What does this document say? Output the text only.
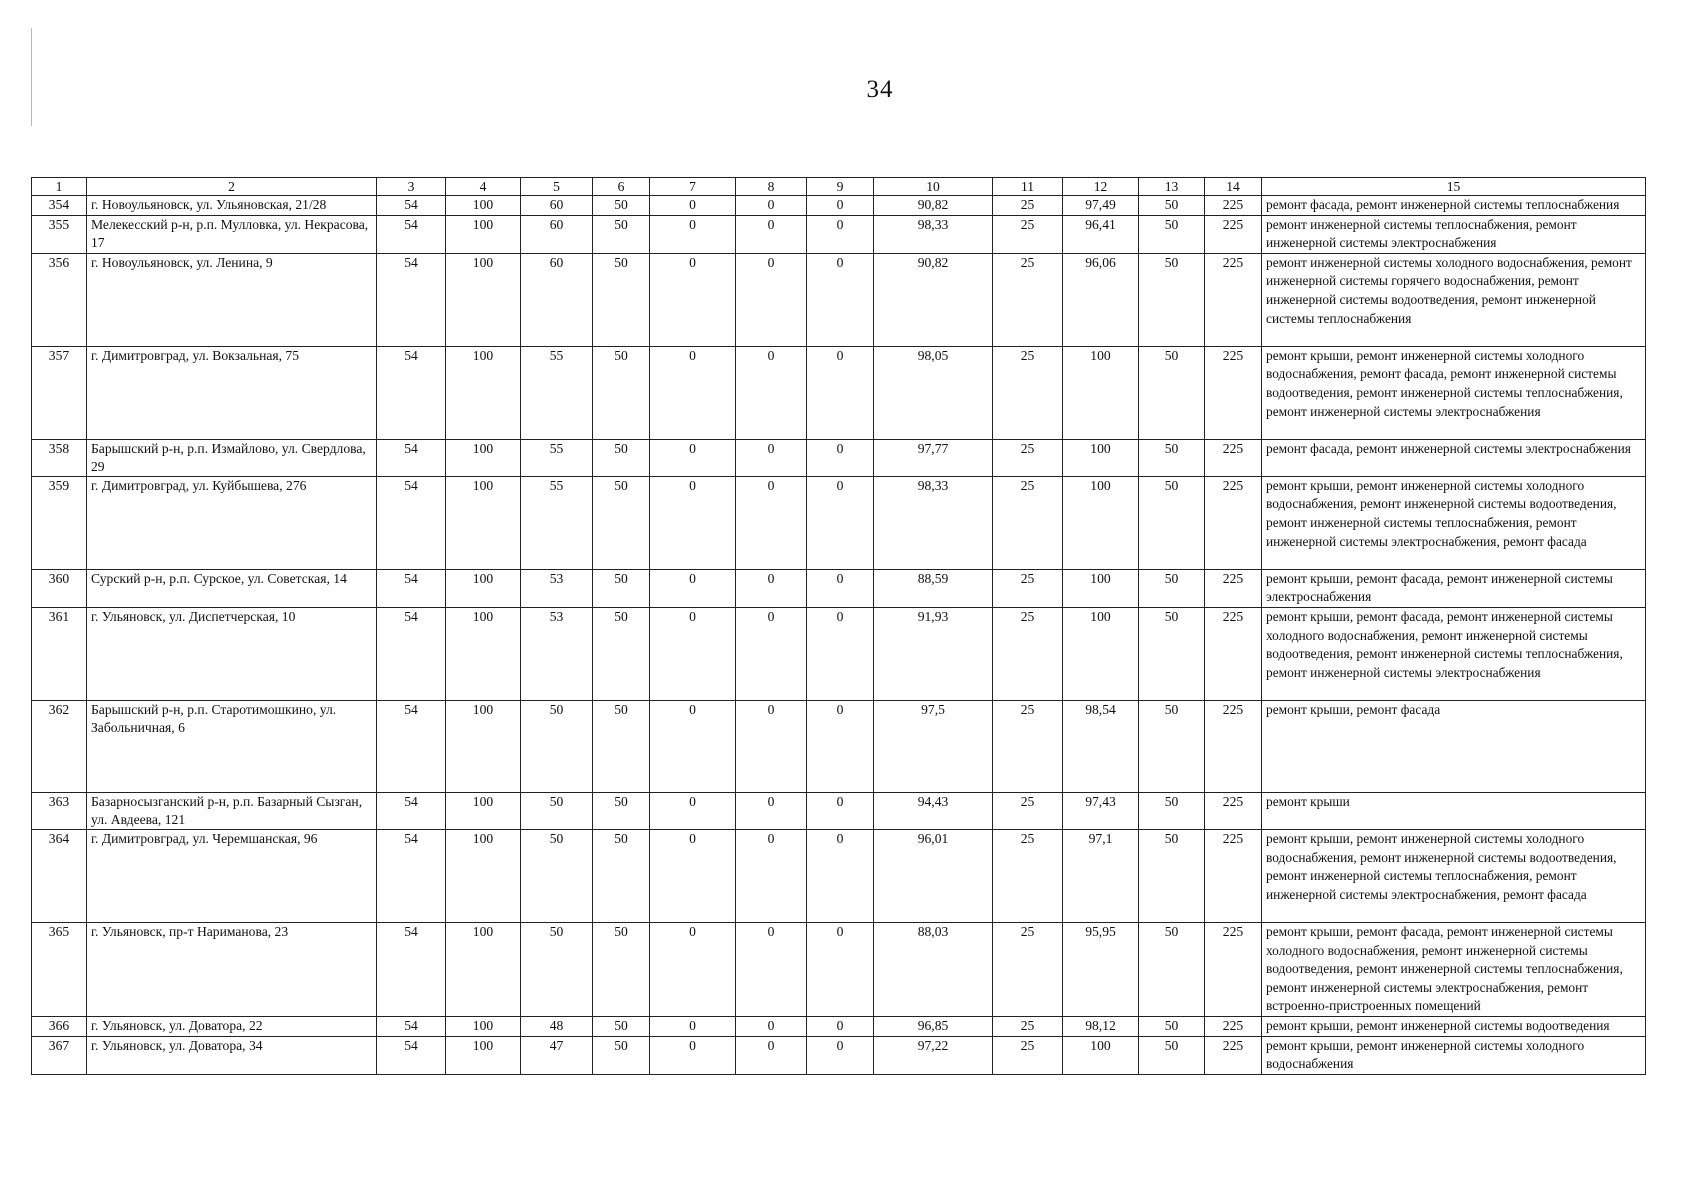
34
1	2	3	4	5	6	7	8	9	10	11	12	13	14	15
354	г. Новоульяновск, ул. Ульяновская, 21/28	54	100	60	50	0	0	0	90,82	25	97,49	50	225	ремонт фасада, ремонт инженерной системы теплоснабжения
355	Мелекесский р-н, р.п. Мулловка, ул. Некрасова, 17	54	100	60	50	0	0	0	98,33	25	96,41	50	225	ремонт инженерной системы теплоснабжения, ремонт инженерной системы электроснабжения
356	г. Новоульяновск, ул. Ленина, 9	54	100	60	50	0	0	0	90,82	25	96,06	50	225	ремонт инженерной системы холодного водоснабжения, ремонт инженерной системы горячего водоснабжения, ремонт инженерной системы водоотведения, ремонт инженерной системы теплоснабжения
357	г. Димитровград, ул. Вокзальная, 75	54	100	55	50	0	0	0	98,05	25	100	50	225	ремонт крыши, ремонт инженерной системы холодного водоснабжения, ремонт фасада, ремонт инженерной системы водоотведения, ремонт инженерной системы теплоснабжения, ремонт инженерной системы электроснабжения
358	Барышский р-н, р.п. Измайлово, ул. Свердлова, 29	54	100	55	50	0	0	0	97,77	25	100	50	225	ремонт фасада, ремонт инженерной системы электроснабжения
359	г. Димитровград, ул. Куйбышева, 276	54	100	55	50	0	0	0	98,33	25	100	50	225	ремонт крыши, ремонт инженерной системы холодного водоснабжения, ремонт инженерной системы водоотведения, ремонт инженерной системы теплоснабжения, ремонт инженерной системы электроснабжения, ремонт фасада
360	Сурский р-н, р.п. Сурское, ул. Советская, 14	54	100	53	50	0	0	0	88,59	25	100	50	225	ремонт крыши, ремонт фасада, ремонт инженерной системы электроснабжения
361	г. Ульяновск, ул. Диспетчерская, 10	54	100	53	50	0	0	0	91,93	25	100	50	225	ремонт крыши, ремонт фасада, ремонт инженерной системы холодного водоснабжения, ремонт инженерной системы водоотведения, ремонт инженерной системы теплоснабжения, ремонт инженерной системы электроснабжения
362	Барышский р-н, р.п. Старотимошкино, ул. Забольничная, 6	54	100	50	50	0	0	0	97,5	25	98,54	50	225	ремонт крыши, ремонт фасада
363	Базарносызганский р-н, р.п. Базарный Сызган, ул. Авдеева, 121	54	100	50	50	0	0	0	94,43	25	97,43	50	225	ремонт крыши
364	г. Димитровград, ул. Черемшанская, 96	54	100	50	50	0	0	0	96,01	25	97,1	50	225	ремонт крыши, ремонт инженерной системы холодного водоснабжения, ремонт инженерной системы водоотведения, ремонт инженерной системы теплоснабжения, ремонт инженерной системы электроснабжения, ремонт фасада
365	г. Ульяновск, пр-т Нариманова, 23	54	100	50	50	0	0	0	88,03	25	95,95	50	225	ремонт крыши, ремонт фасада, ремонт инженерной системы холодного водоснабжения, ремонт инженерной системы водоотведения, ремонт инженерной системы теплоснабжения, ремонт инженерной системы электроснабжения, ремонт встроенно-пристроенных помещений
366	г. Ульяновск, ул. Доватора, 22	54	100	48	50	0	0	0	96,85	25	98,12	50	225	ремонт крыши, ремонт инженерной системы водоотведения
367	г. Ульяновск, ул. Доватора, 34	54	100	47	50	0	0	0	97,22	25	100	50	225	ремонт крыши, ремонт инженерной системы холодного водоснабжения
